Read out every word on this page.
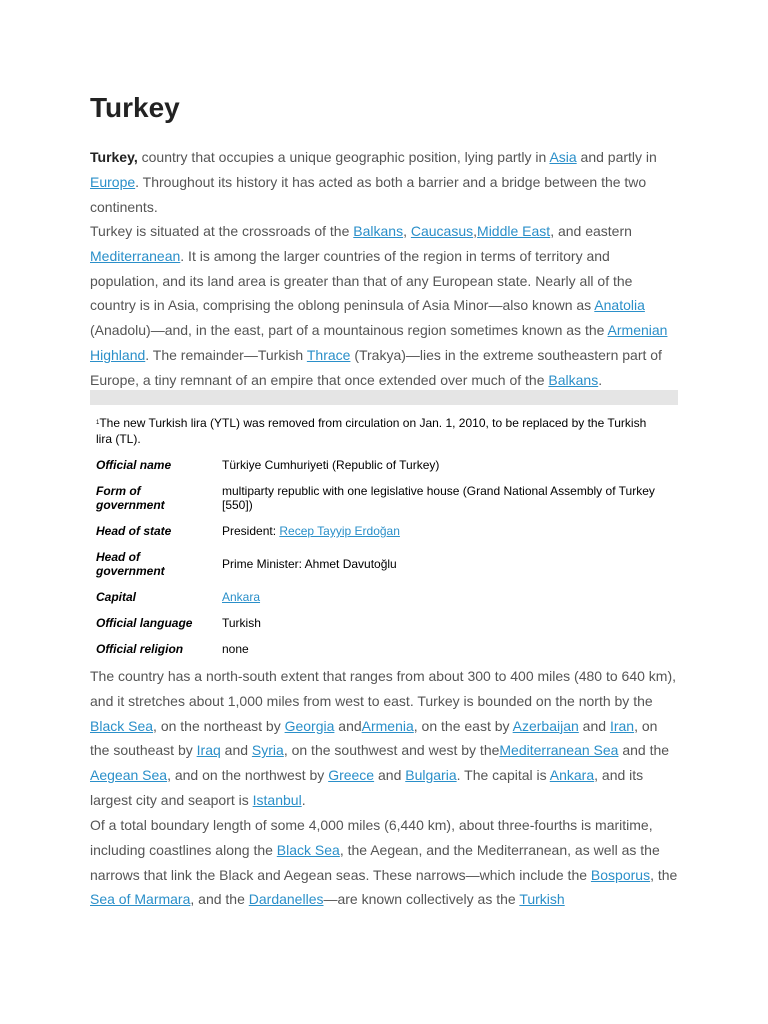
Turkey

Turkey, country that occupies a unique geographic position, lying partly in Asia and partly in Europe. Throughout its history it has acted as both a barrier and a bridge between the two continents.

Turkey is situated at the crossroads of the Balkans, Caucasus,Middle East, and eastern Mediterranean. It is among the larger countries of the region in terms of territory and population, and its land area is greater than that of any European state. Nearly all of the country is in Asia, comprising the oblong peninsula of Asia Minor—also known as Anatolia (Anadolu)—and, in the east, part of a mountainous region sometimes known as the Armenian Highland. The remainder—Turkish Thrace (Trakya)—lies in the extreme southeastern part of Europe, a tiny remnant of an empire that once extended over much of the Balkans.

$^1$The new Turkish lira (YTL) was removed from circulation on Jan. 1, 2010, to be replaced by the Turkish lira (TL).
Official name	Türkiye Cumhuriyeti (Republic of Turkey)
Form of government	multiparty republic with one legislative house (Grand National Assembly of Turkey [550])
Head of state	President: Recep Tayyip Erdoğan
Head of government	Prime Minister: Ahmet Davutoğlu
Capital	Ankara
Official language	Turkish
Official religion	none

The country has a north-south extent that ranges from about 300 to 400 miles (480 to 640 km), and it stretches about 1,000 miles from west to east. Turkey is bounded on the north by the Black Sea, on the northeast by Georgia andArmenia, on the east by Azerbaijan and Iran, on the southeast by Iraq and Syria, on the southwest and west by theMediterranean Sea and the Aegean Sea, and on the northwest by Greece and Bulgaria. The capital is Ankara, and its largest city and seaport is Istanbul.

Of a total boundary length of some 4,000 miles (6,440 km), about three-fourths is maritime, including coastlines along the Black Sea, the Aegean, and the Mediterranean, as well as the narrows that link the Black and Aegean seas. These narrows—which include the Bosporus, the Sea of Marmara, and the Dardanelles—are known collectively as the Turkish
